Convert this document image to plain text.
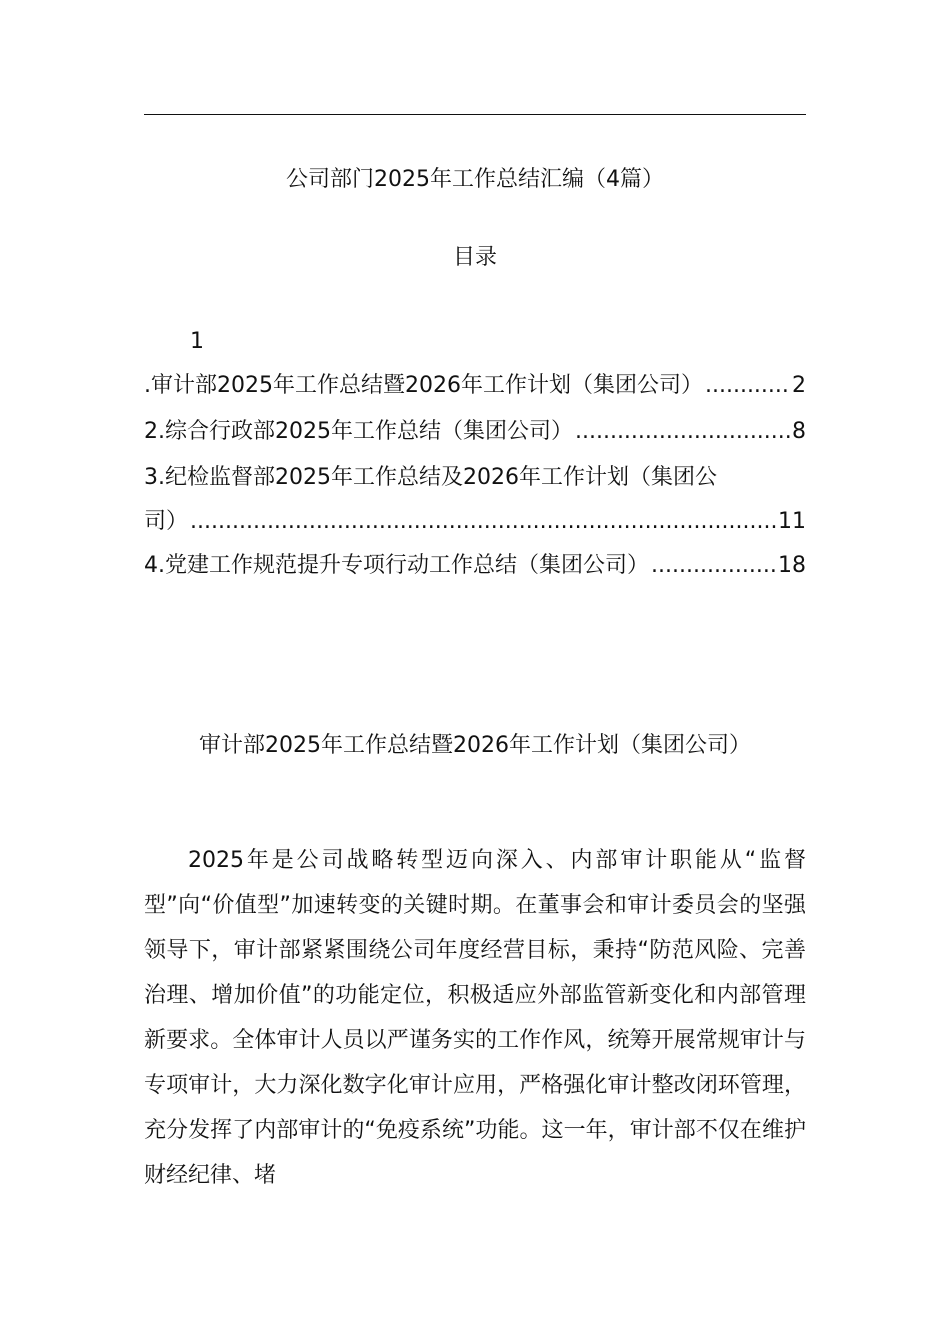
公司部门2025年工作总结汇编（4篇）
目录
1
.审计部2025年工作总结暨2026年工作计划（集团公司） .....	2
2.综合行政部2025年工作总结（集团公司） .....	8
3.纪检监督部2025年工作总结及2026年工作计划（集团公
司） .....	11
4.党建工作规范提升专项行动工作总结（集团公司） .....	18
审计部2025年工作总结暨2026年工作计划（集团公司）

2025年是公司战略转型迈向深入、内部审计职能从“监督型”向“价值型”加速转变的关键时期。在董事会和审计委员会的坚强领导下，审计部紧紧围绕公司年度经营目标，秉持“防范风险、完善治理、增加价值”的功能定位，积极适应外部监管新变化和内部管理新要求。全体审计人员以严谨务实的工作作风，统筹开展常规审计与专项审计，大力深化数字化审计应用，严格强化审计整改闭环管理，充分发挥了内部审计的“免疫系统”功能。这一年，审计部不仅在维护财经纪律、堵
